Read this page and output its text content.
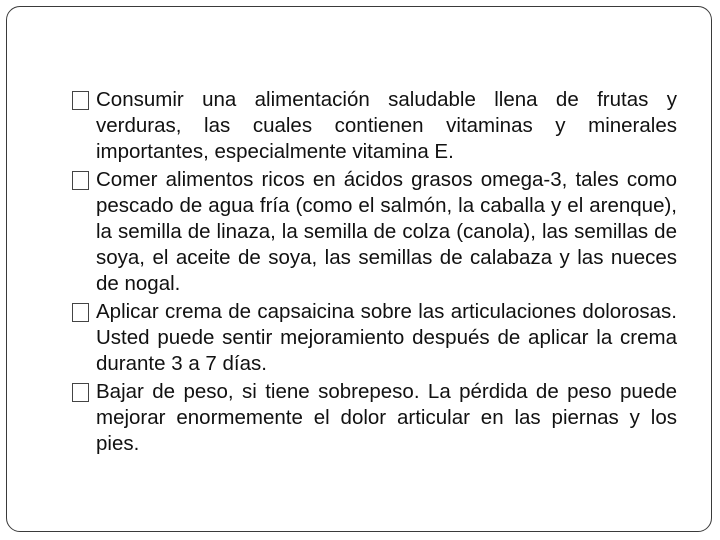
Consumir una alimentación saludable llena de frutas y verduras, las cuales contienen vitaminas y minerales importantes, especialmente vitamina E.
Comer alimentos ricos en ácidos grasos omega-3, tales como pescado de agua fría (como el salmón, la caballa y el arenque), la semilla de linaza, la semilla de colza (canola), las semillas de soya, el aceite de soya, las semillas de calabaza y las nueces de nogal.
Aplicar crema de capsaicina sobre las articulaciones dolorosas. Usted puede sentir mejoramiento después de aplicar la crema durante 3 a 7 días.
Bajar de peso, si tiene sobrepeso. La pérdida de peso puede mejorar enormemente el dolor articular en las piernas y los pies.
